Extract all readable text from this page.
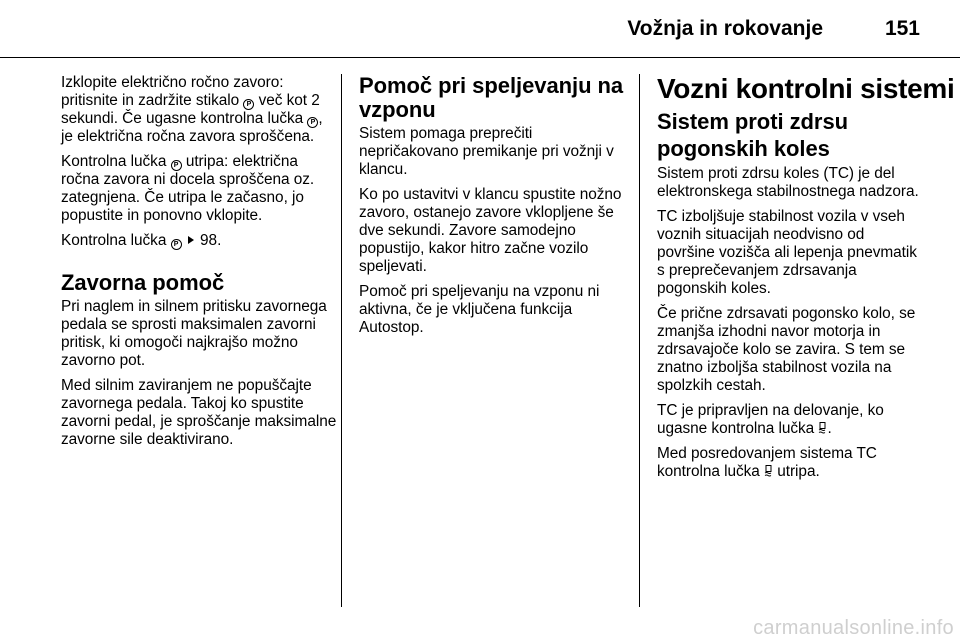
Vožnja in rokovanje	151

Izklopite električno ročno zavoro: pritisnite in zadržite stikalo P več kot 2 sekundi. Če ugasne kontrolna lučka P , je električna ročna zavora sproščena.

Kontrolna lučka P utripa: električna ročna zavora ni docela sproščena oz. zategnjena. Če utripa le začasno, jo popustite in ponovno vklopite.

Kontrolna lučka P 98.

Zavorna pomoč

Pri naglem in silnem pritisku zavornega pedala se sprosti maksimalen zavorni pritisk, ki omogoči najkrajšo možno zavorno pot.

Med silnim zaviranjem ne popuščajte zavornega pedala. Takoj ko spustite zavorni pedal, je sproščanje maksimalne zavorne sile deaktivirano.

Pomoč pri speljevanju na vzponu

Sistem pomaga preprečiti nepričakovano premikanje pri vožnji v klancu.

Ko po ustavitvi v klancu spustite nožno zavoro, ostanejo zavore vklopljene še dve sekundi. Zavore samodejno popustijo, kakor hitro začne vozilo speljevati.

Pomoč pri speljevanju na vzponu ni aktivna, če je vključena funkcija Autostop.

Vozni kontrolni sistemi
Sistem proti zdrsu pogonskih koles

Sistem proti zdrsu koles (TC) je del elektronskega stabilnostnega nadzora.

TC izboljšuje stabilnost vozila v vseh voznih situacijah neodvisno od površine vozišča ali lepenja pnevmatik s preprečevanjem zdrsavanja pogonskih koles.

Če prične zdrsavati pogonsko kolo, se zmanjša izhodni navor motorja in zdrsavajoče kolo se zavira. S tem se znatno izboljša stabilnost vozila na spolzkih cestah.

TC je pripravljen na delovanje, ko ugasne kontrolna lučka .

Med posredovanjem sistema TC kontrolna lučka utripa.

carmanualsonline.info
